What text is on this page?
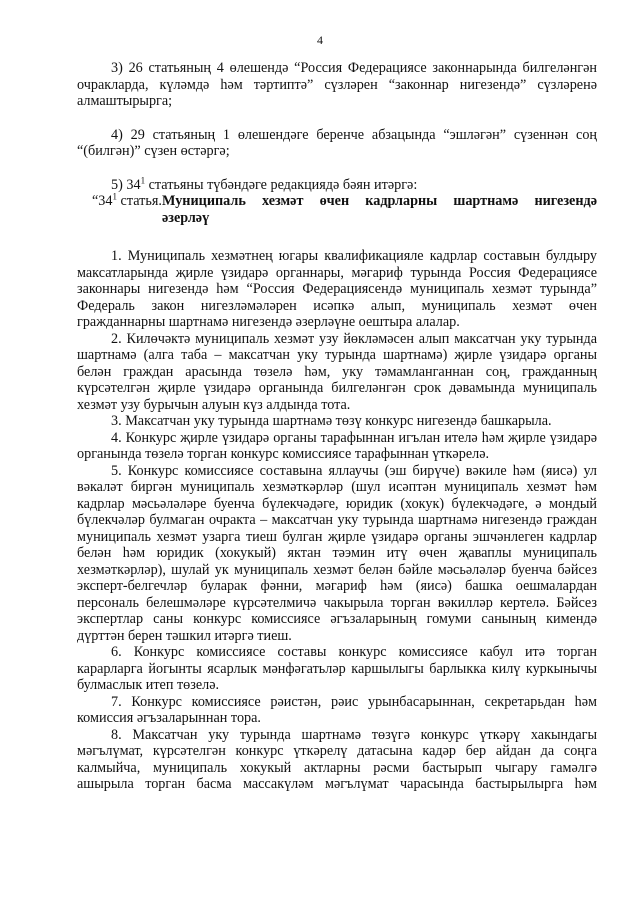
4
3) 26 статьяның 4 өлешендә “Россия Федерациясе законнарында билгеләнгән
очракларда, күләмдә һәм тәртиптә” сүзләрен “законнар нигезендә” сүзләренә
алмаштырырга;
4) 29 статьяның 1 өлешендәге беренче абзацында “эшләгән” сүзеннән соң
“(билгән)” сүзен өстәргә;
5) $34^1$ статьяны түбәндәге редакциядә бәян итәргә:
“$34^1$ статья. Муниципаль хезмәт өчен кадрларны шартнамә нигезендә
әзерләү
1. Муниципаль хезмәтнең югары квалификацияле кадрлар составын булдыру
максатларында җирле үзидарә органнары, мәгариф турында Россия Федерациясе
законнары нигезендә һәм “Россия Федерациясендә муниципаль хезмәт турында”
Федераль закон нигезләмәләрен исәпкә алып, муниципаль хезмәт өчен
гражданнарны шартнамә нигезендә әзерләүне оештыра алалар.
2. Килөчәктә муниципаль хезмәт узу йөкләмәсен алып максатчан уку турында
шартнамә (алга таба – максатчан уку турында шартнамә) җирле үзидарә органы
белән граждан арасында төзелә һәм, уку тәмамланганнан соң, гражданның
күрсәтелгән җирле үзидарә органында билгеләнгән срок дәвамында муниципаль
хезмәт узу бурычын алуын күз алдында тота.
3. Максатчан уку турында шартнамә төзү конкурс нигезендә башкарыла.
4. Конкурс җирле үзидарә органы тарафыннан игълан ителә һәм җирле үзидарә
органында төзелә торган конкурс комиссиясе тарафыннан үткәрелә.
5. Конкурс комиссиясе составына яллаучы (эш бирүче) вәкиле һәм (яисә) ул
вәкаләт биргән муниципаль хезмәткәрләр (шул исәптән муниципаль хезмәт һәм
кадрлар мәсьәләләре буенча бүлекчәдәге, юридик (хокук) бүлекчәдәге, ә мондый
бүлекчәләр булмаган очракта – максатчан уку турында шартнамә нигезендә граждан
муниципаль хезмәт узарга тиеш булган җирле үзидарә органы эшчәнлеген кадрлар
белән һәм юридик (хокукый) яктан тәэмин итү өчен җаваплы муниципаль
хезмәткәрләр), шулай ук муниципаль хезмәт белән бәйле мәсьәләләр буенча бәйсез
эксперт-белгечләр буларак фәнни, мәгариф һәм (яисә) башка оешмалардан
персональ белешмәләре күрсәтелмичә чакырыла торган вәкилләр кертелә. Бәйсез
экспертлар саны конкурс комиссиясе әгъзаларының гомуми санының кимендә
дүрттән берен тәшкил итәргә тиеш.
6. Конкурс комиссиясе составы конкурс комиссиясе кабул итә торган
карарларга йогынты ясарлык мәнфәгатьләр каршылыгы барлыкка килү куркынычы
булмаслык итеп төзелә.
7. Конкурс комиссиясе рәистән, рәис урынбасарыннан, секретарьдан һәм
комиссия әгъзаларыннан тора.
8. Максатчан уку турында шартнамә төзүгә конкурс үткәрү хакындагы
мәгълүмат, күрсәтелгән конкурс үткәрелү датасына кадәр бер айдан да соңга
калмыйча, муниципаль хокукый актларны рәсми бастырып чыгару гамәлгә
ашырыла торган басма массакүләм мәгълүмат чарасында бастырылырга һәм
